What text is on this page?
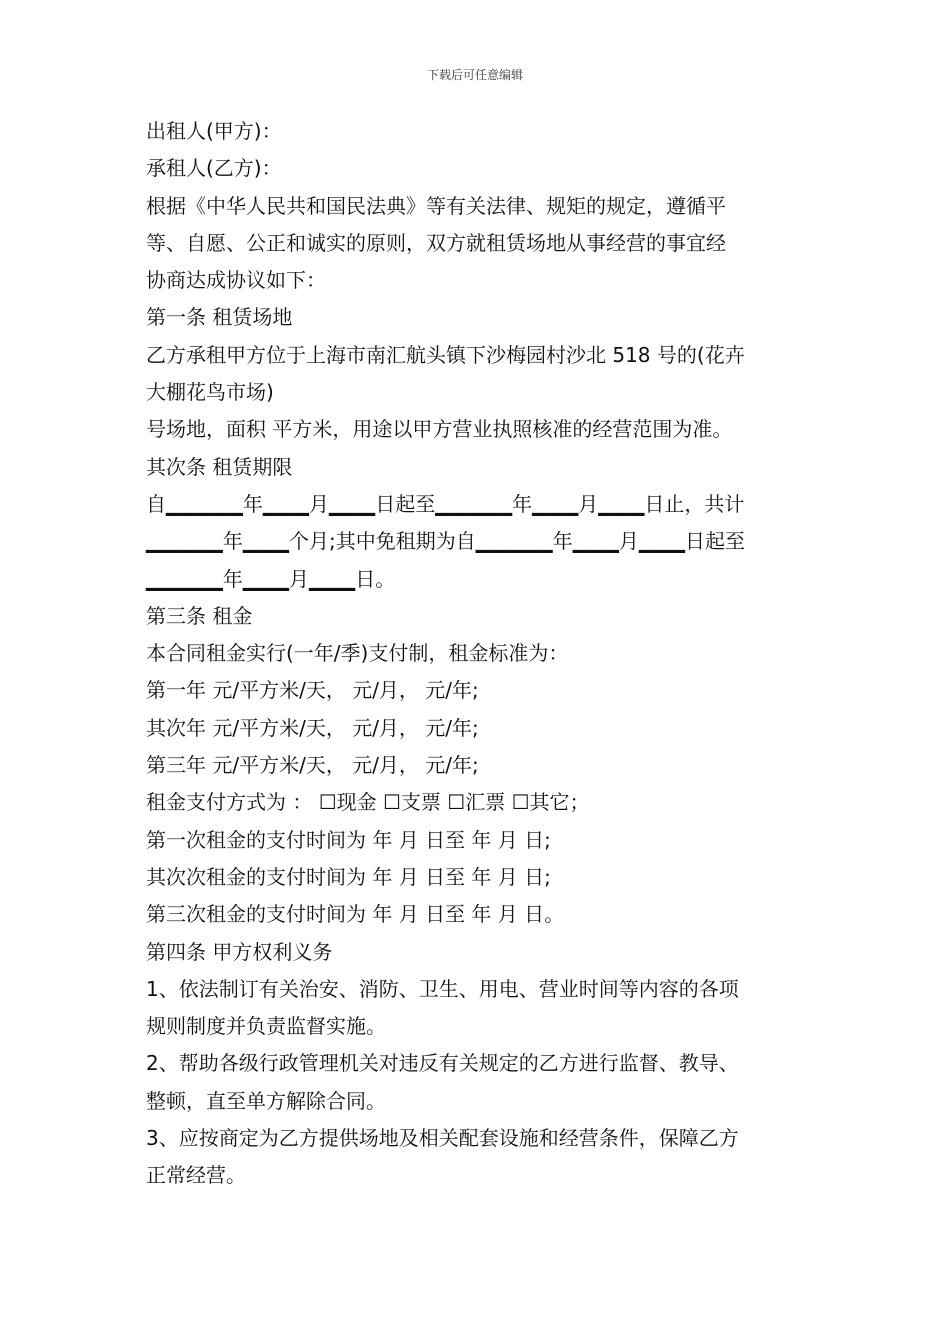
下载后可任意编辑
出租人(甲方)：
承租人(乙方)：
根据《中华人民共和国民法典》等有关法律、规矩的规定，遵循平
等、自愿、公正和诚实的原则，双方就租赁场地从事经营的事宜经
协商达成协议如下：
第一条 租赁场地
乙方承租甲方位于上海市南汇航头镇下沙梅园村沙北 518 号的(花卉
大棚花鸟市场)
号场地，面积 平方米，用途以甲方营业执照核准的经营范围为准。
其次条 租赁期限
自▁▁▁▁▁年▁▁▁月▁▁▁日起至▁▁▁▁▁年▁▁▁月▁▁▁日止，共计
▁▁▁▁▁年▁▁▁个月;其中免租期为自▁▁▁▁▁年▁▁▁月▁▁▁日起至
▁▁▁▁▁年▁▁▁月▁▁▁日。
第三条 租金
本合同租金实行(一年/季)支付制，租金标准为：
第一年 元/平方米/天， 元/月， 元/年;
其次年 元/平方米/天， 元/月， 元/年;
第三年 元/平方米/天， 元/月， 元/年;
租金支付方式为 ： ☐现金 ☐支票 ☐汇票 ☐其它；
第一次租金的支付时间为 年 月 日至 年 月 日;
其次次租金的支付时间为 年 月 日至 年 月 日;
第三次租金的支付时间为 年 月 日至 年 月 日。
第四条 甲方权利义务
1、依法制订有关治安、消防、卫生、用电、营业时间等内容的各项
规则制度并负责监督实施。
2、帮助各级行政管理机关对违反有关规定的乙方进行监督、教导、
整顿，直至单方解除合同。
3、应按商定为乙方提供场地及相关配套设施和经营条件，保障乙方
正常经营。
